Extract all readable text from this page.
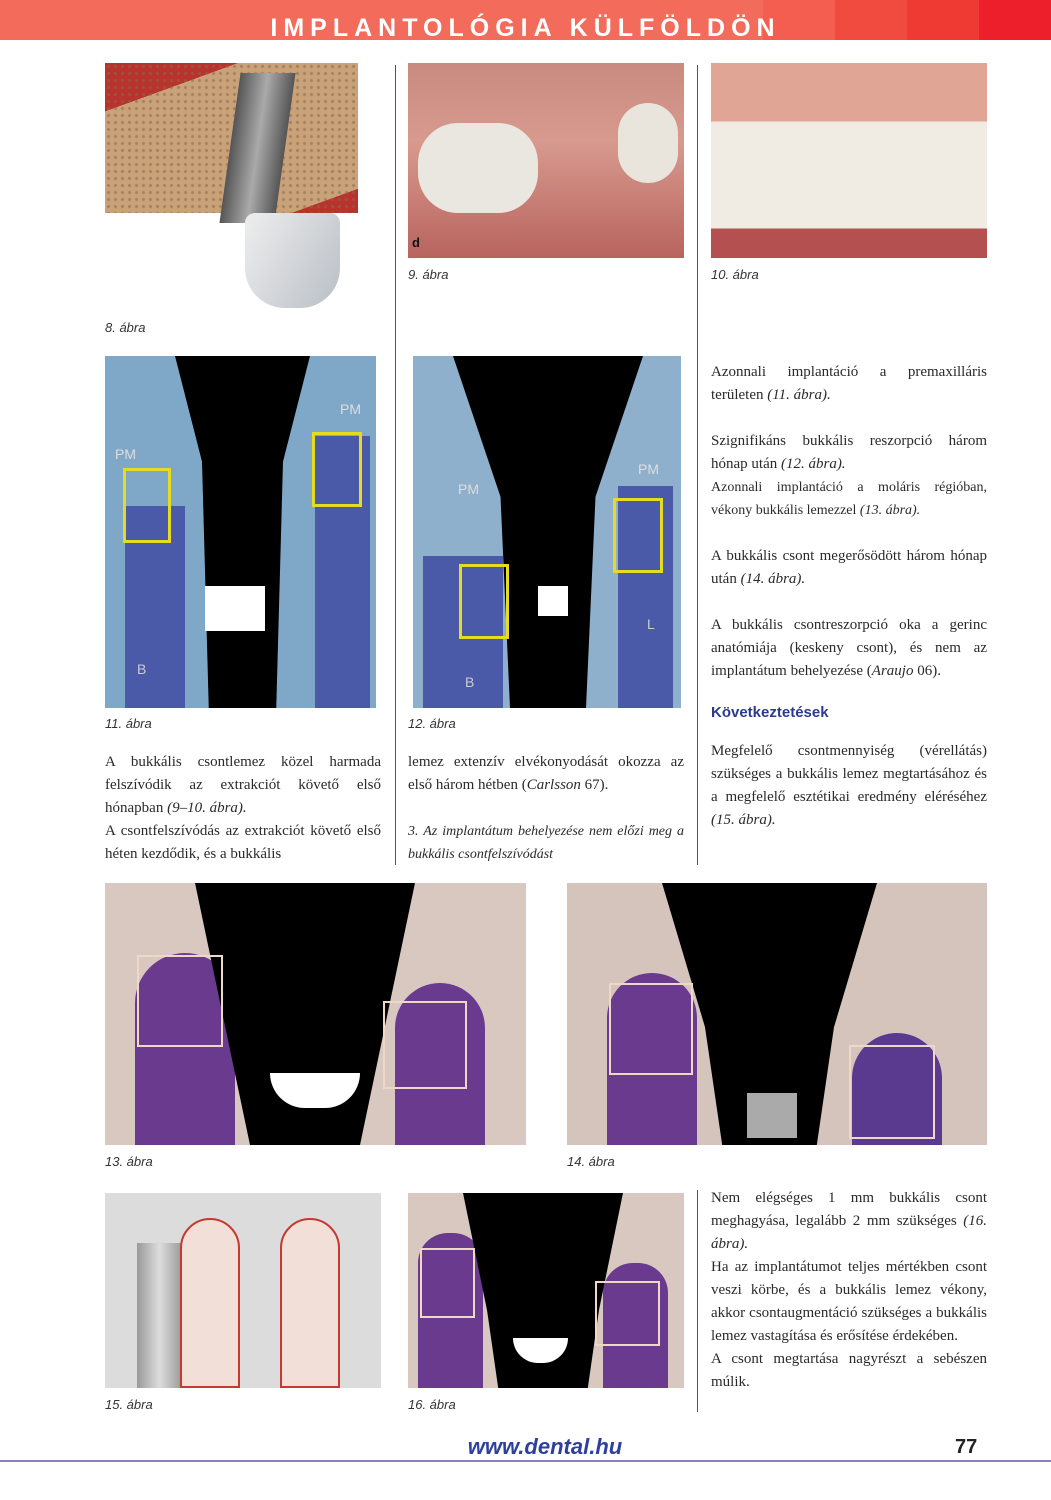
IMPLANTOLÓGIA KÜLFÖLDÖN
8. ábra
d
9. ábra	10. ábra
PM
PM
B
11. ábra
PM
PM
B
L
12. ábra

Azonnali implantáció a premaxilláris területen (11. ábra).

Szignifikáns bukkális reszorpció három hónap után (12. ábra).

Azonnali implantáció a moláris régióban, vékony bukkális lemezzel (13. ábra).

A bukkális csont megerősödött három hónap után (14. ábra).

A bukkális csontreszorpció oka a gerinc anatómiája (keskeny csont), és nem az implantátum behelyezése (Araujo 06).

Következtetések

Megfelelő csontmennyiség (vérellátás) szükséges a bukkális lemez megtartásához és a megfelelő esztétikai eredmény eléréséhez (15. ábra).

A bukkális csontlemez közel harmada felszívódik az extrakciót követő első hónapban (9–10. ábra).

A csontfelszívódás az extrakciót követő első héten kezdődik, és a bukkális

lemez extenzív elvékonyodását okozza az első három hétben (Carlsson 67).

3. Az implantátum behelyezése nem előzi meg a bukkális csontfelszívódást

13. ábra	14. ábra
15. ábra	16. ábra

Nem elégséges 1 mm bukkális csont meghagyása, legalább 2 mm szükséges (16. ábra).

Ha az implantátumot teljes mértékben csont veszi körbe, és a bukkális lemez vékony, akkor csontaugmentáció szükséges a bukkális lemez vastagítása és erősítése érdekében.

A csont megtartása nagyrészt a sebészen múlik.

www.dental.hu	77
